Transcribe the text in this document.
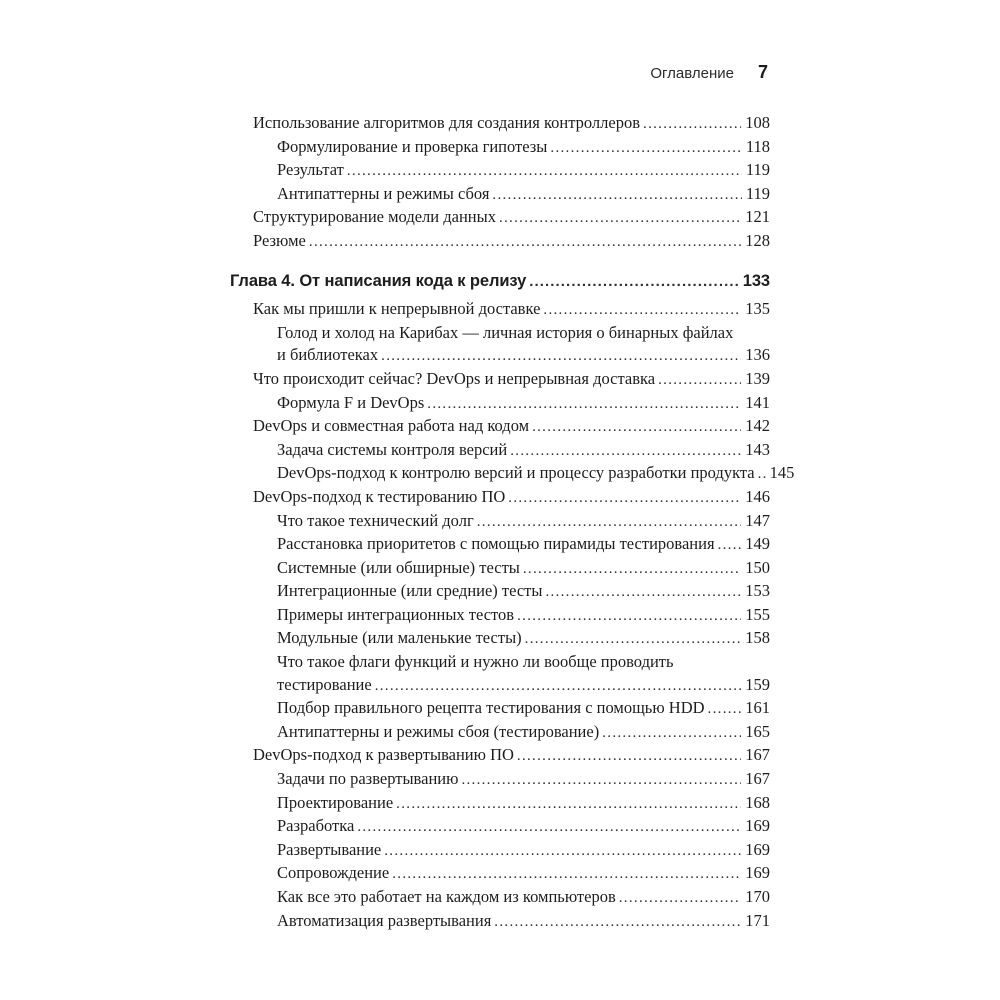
Оглавление 7
Использование алгоритмов для создания контроллеров .....	108
Формулирование и проверка гипотезы .....	118
Результат .....	119
Антипаттерны и режимы сбоя .....	119
Структурирование модели данных .....	121
Резюме .....	128
Глава 4. От написания кода к релизу .....	133
Как мы пришли к непрерывной доставке .....	135
Голод и холод на Карибах — личная история о бинарных файлах
и библиотеках .....	136
Что происходит сейчас? DevOps и непрерывная доставка .....	139
Формула F и DevOps .....	141
DevOps и совместная работа над кодом .....	142
Задача системы контроля версий .....	143
DevOps-подход к контролю версий и процессу разработки продукта ..... 145
DevOps-подход к тестированию ПО .....	146
Что такое технический долг .....	147
Расстановка приоритетов с помощью пирамиды тестирования ..... 149
Системные (или обширные) тесты .....	150
Интеграционные (или средние) тесты .....	153
Примеры интеграционных тестов .....	155
Модульные (или маленькие тесты) .....	158
Что такое флаги функций и нужно ли вообще проводить
тестирование .....	159
Подбор правильного рецепта тестирования с помощью HDD ..... 161
Антипаттерны и режимы сбоя (тестирование) .....	165
DevOps-подход к развертыванию ПО .....	167
Задачи по развертыванию .....	167
Проектирование .....	168
Разработка .....	169
Развертывание .....	169
Сопровождение .....	169
Как все это работает на каждом из компьютеров .....	170
Автоматизация развертывания .....	171
